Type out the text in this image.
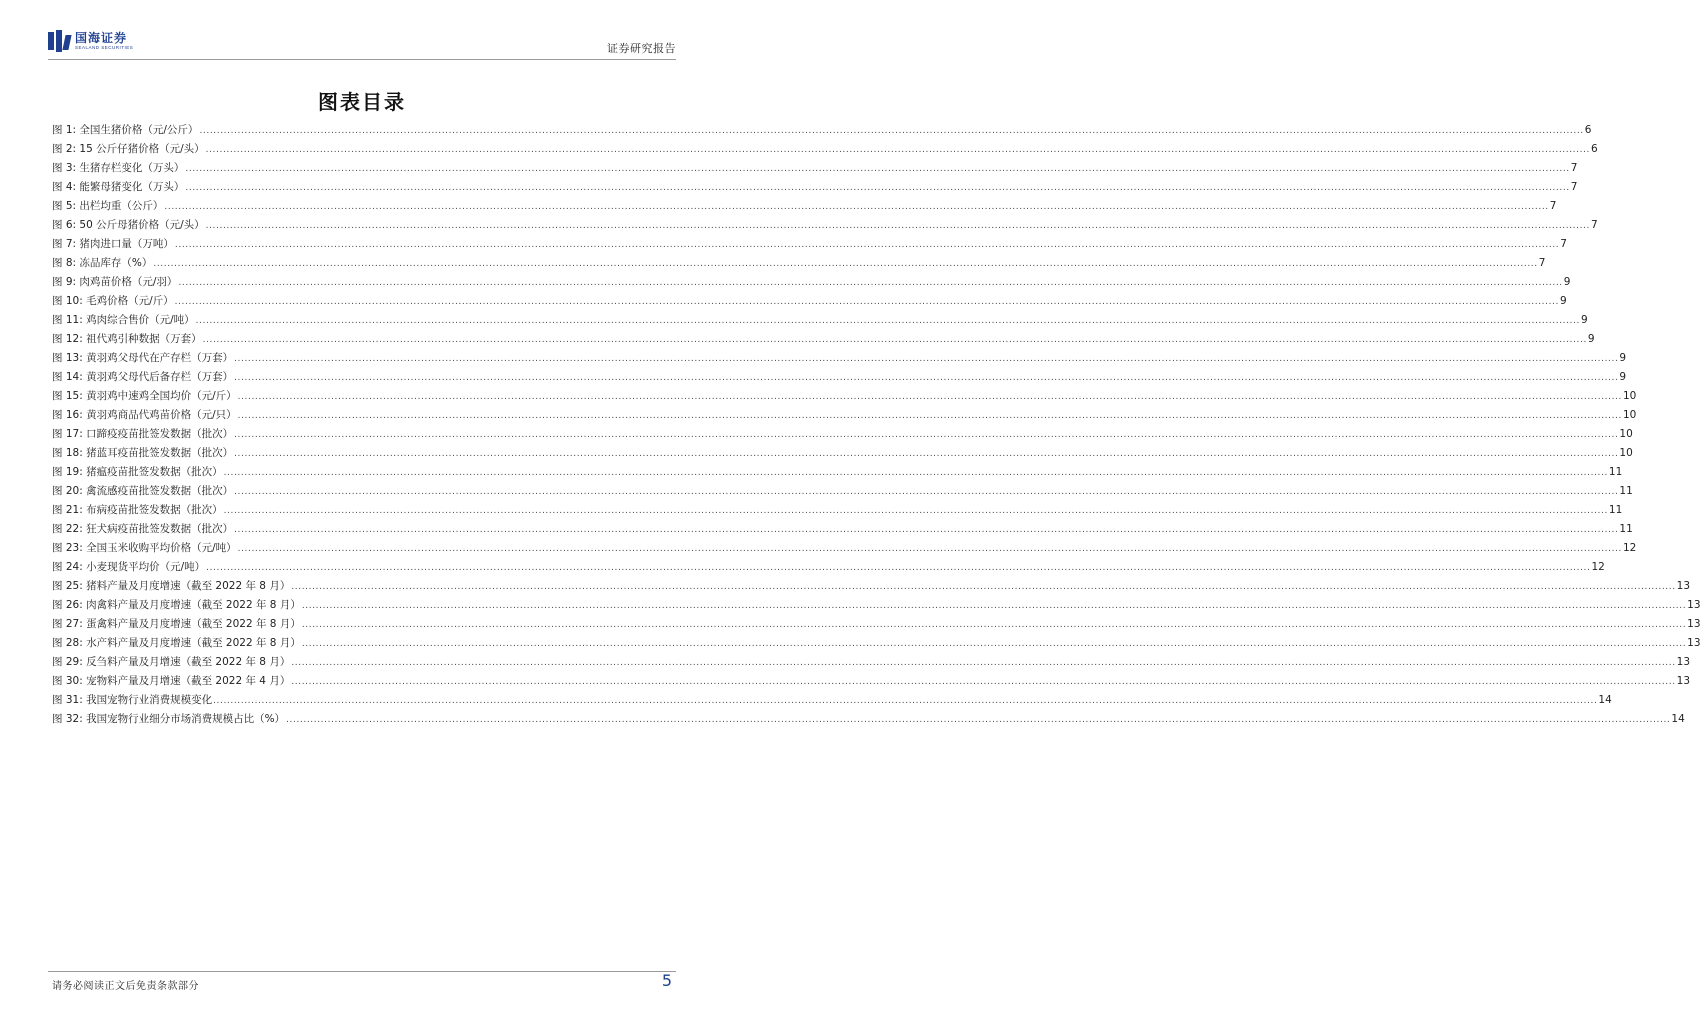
国海证券
SEALAND SECURITIES	证券研究报告
图表目录
图 1: 全国生猪价格（元/公斤） ................................................................................................................................................................................................................................................................................................................................................................................................................ 6
图 2: 15 公斤仔猪价格（元/头） ................................................................................................................................................................................................................................................................................................................................................................................................................ 6
图 3: 生猪存栏变化（万头） ................................................................................................................................................................................................................................................................................................................................................................................................................ 7
图 4: 能繁母猪变化（万头） ................................................................................................................................................................................................................................................................................................................................................................................................................ 7
图 5: 出栏均重（公斤） ................................................................................................................................................................................................................................................................................................................................................................................................................ 7
图 6: 50 公斤母猪价格（元/头） ................................................................................................................................................................................................................................................................................................................................................................................................................ 7
图 7: 猪肉进口量（万吨） ................................................................................................................................................................................................................................................................................................................................................................................................................ 7
图 8: 冻品库存（%） ................................................................................................................................................................................................................................................................................................................................................................................................................ 7
图 9: 肉鸡苗价格（元/羽） ................................................................................................................................................................................................................................................................................................................................................................................................................ 9
图 10: 毛鸡价格（元/斤） ................................................................................................................................................................................................................................................................................................................................................................................................................ 9
图 11: 鸡肉综合售价（元/吨） ................................................................................................................................................................................................................................................................................................................................................................................................................ 9
图 12: 祖代鸡引种数据（万套） ................................................................................................................................................................................................................................................................................................................................................................................................................ 9
图 13: 黄羽鸡父母代在产存栏（万套） ................................................................................................................................................................................................................................................................................................................................................................................................................ 9
图 14: 黄羽鸡父母代后备存栏（万套） ................................................................................................................................................................................................................................................................................................................................................................................................................ 9
图 15: 黄羽鸡中速鸡全国均价（元/斤） ................................................................................................................................................................................................................................................................................................................................................................................................................ 10
图 16: 黄羽鸡商品代鸡苗价格（元/只） ................................................................................................................................................................................................................................................................................................................................................................................................................ 10
图 17: 口蹄疫疫苗批签发数据（批次） ................................................................................................................................................................................................................................................................................................................................................................................................................ 10
图 18: 猪蓝耳疫苗批签发数据（批次） ................................................................................................................................................................................................................................................................................................................................................................................................................ 10
图 19: 猪瘟疫苗批签发数据（批次） ................................................................................................................................................................................................................................................................................................................................................................................................................ 11
图 20: 禽流感疫苗批签发数据（批次） ................................................................................................................................................................................................................................................................................................................................................................................................................ 11
图 21: 布病疫苗批签发数据（批次） ................................................................................................................................................................................................................................................................................................................................................................................................................ 11
图 22: 狂犬病疫苗批签发数据（批次） ................................................................................................................................................................................................................................................................................................................................................................................................................ 11
图 23: 全国玉米收购平均价格（元/吨） ................................................................................................................................................................................................................................................................................................................................................................................................................ 12
图 24: 小麦现货平均价（元/吨） ................................................................................................................................................................................................................................................................................................................................................................................................................ 12
图 25: 猪料产量及月度增速（截至 2022 年 8 月） ................................................................................................................................................................................................................................................................................................................................................................................................................ 13
图 26: 肉禽料产量及月度增速（截至 2022 年 8 月） ................................................................................................................................................................................................................................................................................................................................................................................................................ 13
图 27: 蛋禽料产量及月度增速（截至 2022 年 8 月） ................................................................................................................................................................................................................................................................................................................................................................................................................ 13
图 28: 水产料产量及月度增速（截至 2022 年 8 月） ................................................................................................................................................................................................................................................................................................................................................................................................................ 13
图 29: 反刍料产量及月增速（截至 2022 年 8 月） ................................................................................................................................................................................................................................................................................................................................................................................................................ 13
图 30: 宠物料产量及月增速（截至 2022 年 4 月） ................................................................................................................................................................................................................................................................................................................................................................................................................ 13
图 31: 我国宠物行业消费规模变化 ................................................................................................................................................................................................................................................................................................................................................................................................................ 14
图 32: 我国宠物行业细分市场消费规模占比（%） ................................................................................................................................................................................................................................................................................................................................................................................................................ 14
请务必阅读正文后免责条款部分	5
